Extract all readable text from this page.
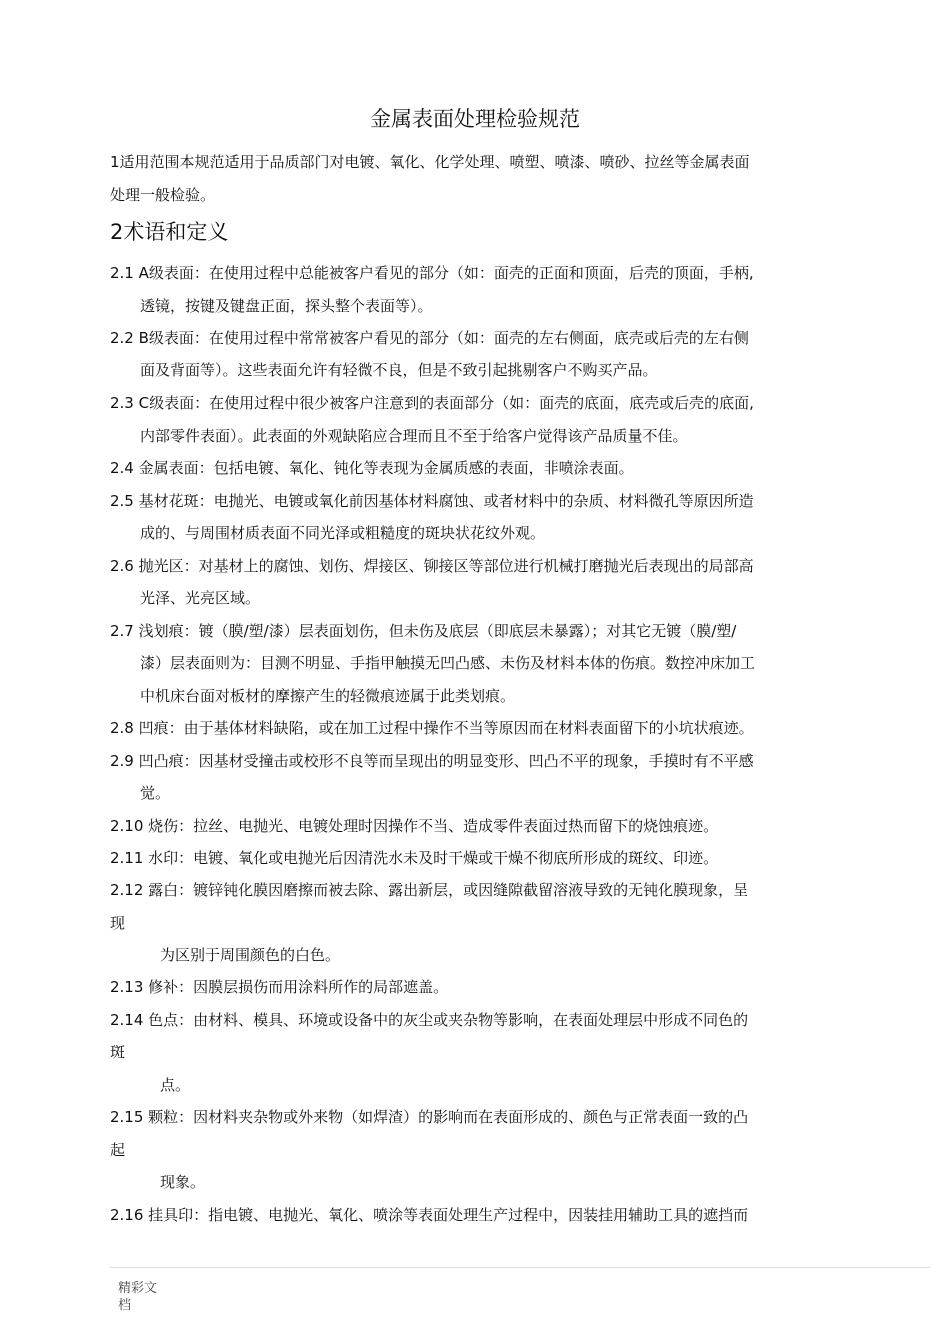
金属表面处理检验规范
1适用范围本规范适用于品质部门对电镀、氧化、化学处理、喷塑、喷漆、喷砂、拉丝等金属表面
处理一般检验。
2术语和定义
2.1 A级表面：在使用过程中总能被客户看见的部分（如：面壳的正面和顶面，后壳的顶面，手柄,
透镜，按键及键盘正面，探头整个表面等）。
2.2 B级表面：在使用过程中常常被客户看见的部分（如：面壳的左右侧面，底壳或后壳的左右侧
面及背面等）。这些表面允许有轻微不良，但是不致引起挑剔客户不购买产品。
2.3 C级表面：在使用过程中很少被客户注意到的表面部分（如：面壳的底面，底壳或后壳的底面,
内部零件表面）。此表面的外观缺陷应合理而且不至于给客户觉得该产品质量不佳。
2.4 金属表面：包括电镀、氧化、钝化等表现为金属质感的表面，非喷涂表面。
2.5 基材花斑：电抛光、电镀或氧化前因基体材料腐蚀、或者材料中的杂质、材料微孔等原因所造
成的、与周围材质表面不同光泽或粗糙度的斑块状花纹外观。
2.6 抛光区：对基材上的腐蚀、划伤、焊接区、铆接区等部位进行机械打磨抛光后表现出的局部高
光泽、光亮区域。
2.7 浅划痕：镀（膜/塑/漆）层表面划伤，但未伤及底层（即底层未暴露）；对其它无镀（膜/塑/
漆）层表面则为：目测不明显、手指甲触摸无凹凸感、未伤及材料本体的伤痕。数控冲床加工
中机床台面对板材的摩擦产生的轻微痕迹属于此类划痕。
2.8 凹痕：由于基体材料缺陷，或在加工过程中操作不当等原因而在材料表面留下的小坑状痕迹。
2.9 凹凸痕：因基材受撞击或校形不良等而呈现出的明显变形、凹凸不平的现象，手摸时有不平感
觉。
2.10 烧伤：拉丝、电抛光、电镀处理时因操作不当、造成零件表面过热而留下的烧蚀痕迹。
2.11 水印：电镀、氧化或电抛光后因清洗水未及时干燥或干燥不彻底所形成的斑纹、印迹。
2.12 露白：镀锌钝化膜因磨擦而被去除、露出新层，或因缝隙截留溶液导致的无钝化膜现象，呈
现
为区别于周围颜色的白色。
2.13 修补：因膜层损伤而用涂料所作的局部遮盖。
2.14 色点：由材料、模具、环境或设备中的灰尘或夹杂物等影响，在表面处理层中形成不同色的
斑
点。
2.15 颗粒：因材料夹杂物或外来物（如焊渣）的影响而在表面形成的、颜色与正常表面一致的凸
起
现象。
2.16 挂具印：指电镀、电抛光、氧化、喷涂等表面处理生产过程中，因装挂用辅助工具的遮挡而
精彩文
档
